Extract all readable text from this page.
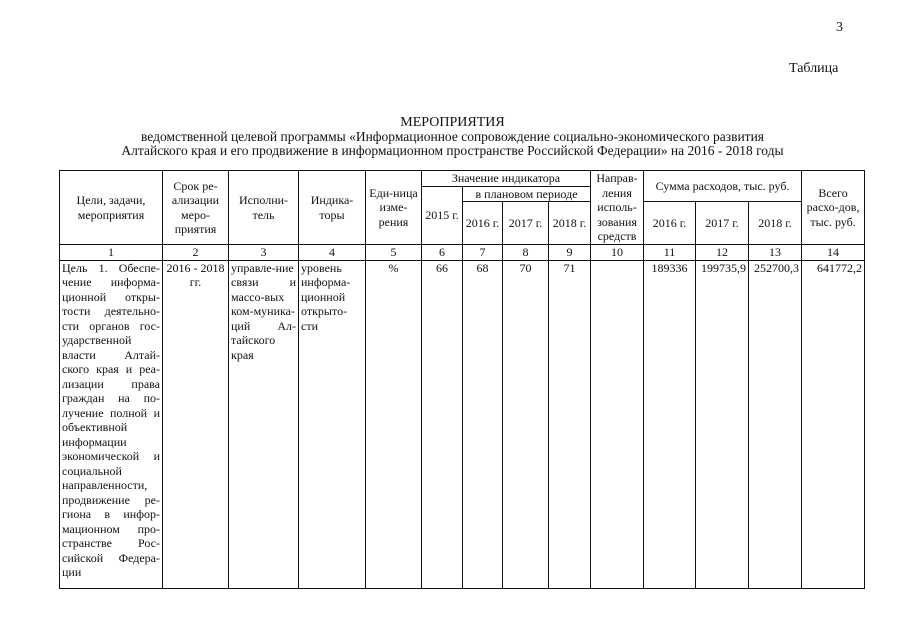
3
Таблица
МЕРОПРИЯТИЯ
ведомственной целевой программы «Информационное сопровождение социально-экономического развития
Алтайского края и его продвижение в информационном пространстве Российской Федерации» на 2016 - 2018 годы
Цели, задачи, мероприятия	Срок ре-ализации меро-приятия	Исполни-тель	Индика-торы	Еди-ница изме-рения	Значение индикатора				Направ-ления исполь-зования средств	Сумма расходов, тыс. руб.			Всего расхо-дов, тыс. руб.
					2015 г.	в плановом периоде							
						2016 г.	2017 г.	2018 г.		2016 г.	2017 г.	2018 г.	
1	2	3	4	5	6	7	8	9	10	11	12	13	14
Цель 1. Обеспе-чение информа-ционной откры-тости деятельно-сти органов гос-ударственной власти Алтай-ского края и реа-лизации права граждан на по-лучение полной и объективной информации экономической и социальной направленности, продвижение ре-гиона в инфор-мационном про-странстве Рос-сийской Федера-ции	2016 - 2018 гг.	управле-ние связи и массо-вых ком-муника-ций Ал-тайского края	уровень информа-ционной открыто-сти	%	66	68	70	71		189336	199735,9	252700,3	641772,2
